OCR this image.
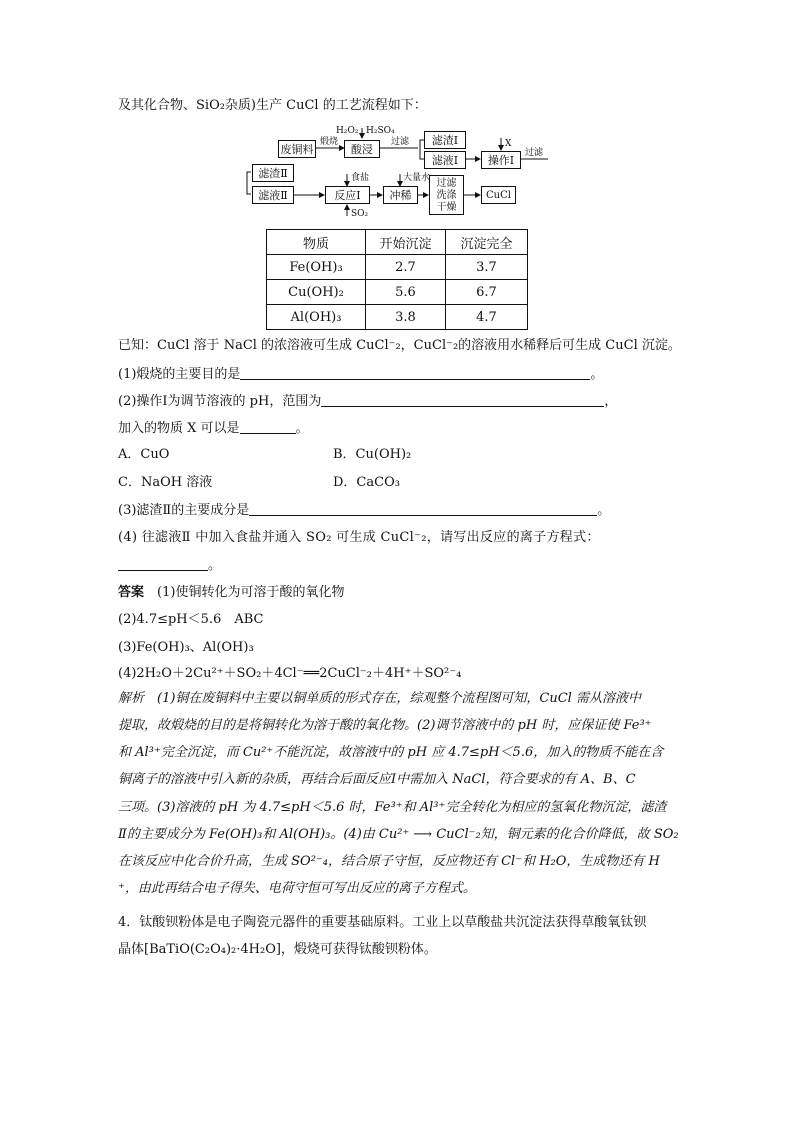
及其化合物、SiO₂杂质)生产 CuCl 的工艺流程如下：
废铜料	酸浸
滤渣Ⅰ
滤液Ⅰ	操作Ⅰ
滤渣Ⅱ
滤液Ⅱ	反应Ⅰ	冲稀
过滤洗涤干燥
CuCl
煅烧
H₂O₂ H₂SO₄
过滤	X
过滤
食盐	大量水
SO₂
物质	开始沉淀	沉淀完全
Fe(OH)₃	2.7	3.7
Cu(OH)₂	5.6	6.7
Al(OH)₃	3.8	4.7
已知：CuCl 溶于 NaCl 的浓溶液可生成 CuCl⁻₂，CuCl⁻₂的溶液用水稀释后可生成 CuCl 沉淀。
(1)煅烧的主要目的是	。
(2)操作Ⅰ为调节溶液的 pH，范围为	，
加入的物质 X 可以是	。
A．CuO	B．Cu(OH)₂
C．NaOH 溶液	D．CaCO₃
(3)滤渣Ⅱ的主要成分是	。
(4) 往滤液Ⅱ 中加入食盐并通入 SO₂ 可生成 CuCl⁻₂，请写出反应的离子方程式：
。
答案　 (1)使铜转化为可溶于酸的氧化物
(2)4.7≤pH＜5.6　ABC
(3)Fe(OH)₃、Al(OH)₃
(4)2H₂O＋2Cu²⁺＋SO₂＋4Cl⁻══2CuCl⁻₂＋4H⁺＋SO²⁻₄
解析　(1)铜在废铜料中主要以铜单质的形式存在，综观整个流程图可知，CuCl 需从溶液中
提取，故煅烧的目的是将铜转化为溶于酸的氧化物。(2)调节溶液中的 pH 时，应保证使 Fe³⁺
和 Al³⁺完全沉淀，而 Cu²⁺不能沉淀，故溶液中的 pH 应 4.7≤pH＜5.6，加入的物质不能在含
铜离子的溶液中引入新的杂质，再结合后面反应Ⅰ中需加入 NaCl，符合要求的有 A、B、C
三项。(3)溶液的 pH 为 4.7≤pH＜5.6 时，Fe³⁺和 Al³⁺完全转化为相应的氢氧化物沉淀，滤渣
Ⅱ的主要成分为 Fe(OH)₃和 Al(OH)₃。(4)由 Cu²⁺ ⟶ CuCl⁻₂知，铜元素的化合价降低，故 SO₂
在该反应中化合价升高，生成 SO²⁻₄，结合原子守恒，反应物还有 Cl⁻和 H₂O，生成物还有 H
⁺，由此再结合电子得失、电荷守恒可写出反应的离子方程式。
4．钛酸钡粉体是电子陶瓷元器件的重要基础原料。工业上以草酸盐共沉淀法获得草酸氧钛钡
晶体[BaTiO(C₂O₄)₂·4H₂O]，煅烧可获得钛酸钡粉体。
